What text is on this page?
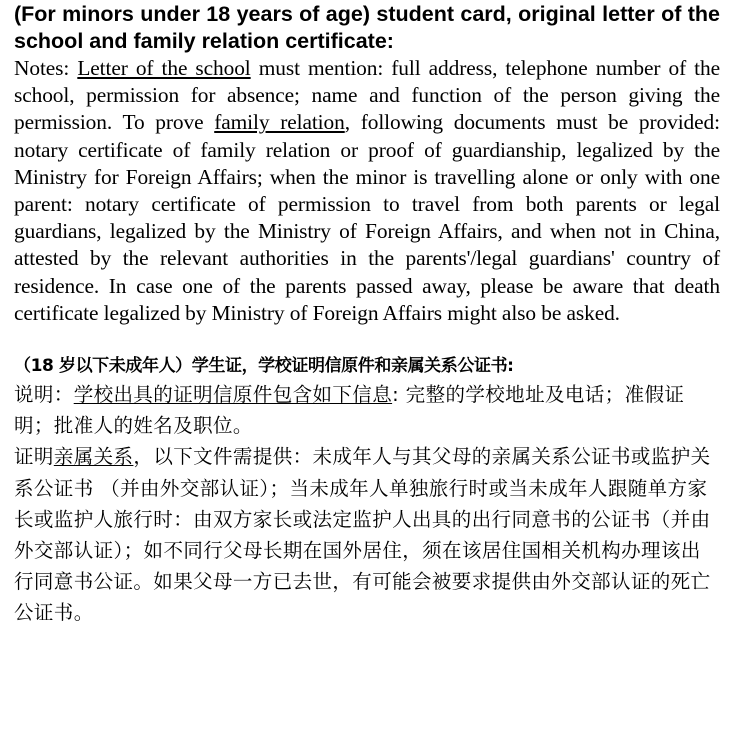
(For minors under 18 years of age) student card, original letter of the school and family relation certificate:

Notes: Letter of the school must mention: full address, telephone number of the school, permission for absence; name and function of the person giving the permission. To prove family relation, following documents must be provided: notary certificate of family relation or proof of guardianship, legalized by the Ministry for Foreign Affairs; when the minor is travelling alone or only with one parent: notary certificate of permission to travel from both parents or legal guardians, legalized by the Ministry of Foreign Affairs, and when not in China, attested by the relevant authorities in the parents'/legal guardians' country of residence. In case one of the parents passed away, please be aware that death certificate legalized by Ministry of Foreign Affairs might also be asked.

（18 岁以下未成年人）学生证，学校证明信原件和亲属关系公证书:

说明：学校出具的证明信原件包含如下信息: 完整的学校地址及电话；准假证明；批准人的姓名及职位。

证明亲属关系，以下文件需提供：未成年人与其父母的亲属关系公证书或监护关系公证书 （并由外交部认证）；当未成年人单独旅行时或当未成年人跟随单方家长或监护人旅行时：由双方家长或法定监护人出具的出行同意书的公证书（并由外交部认证）；如不同行父母长期在国外居住，须在该居住国相关机构办理该出行同意书公证。如果父母一方已去世，有可能会被要求提供由外交部认证的死亡公证书。
